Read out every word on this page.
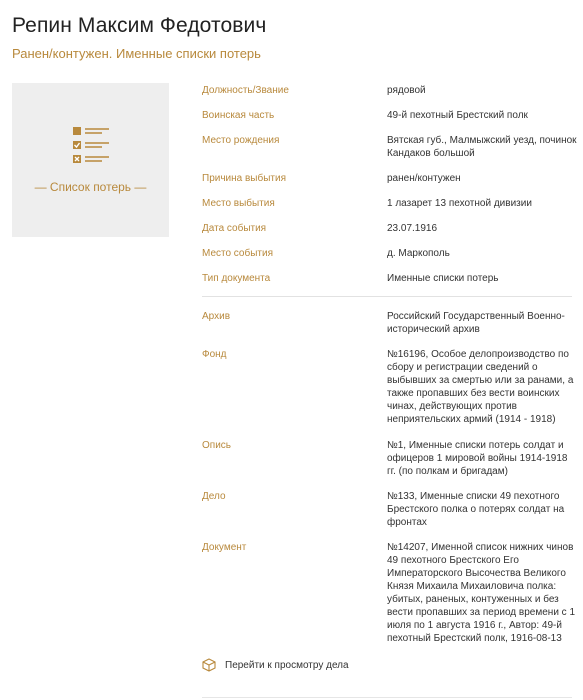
Репин Максим Федотович
Ранен/контужен. Именные списки потерь
— Список потерь —
Должность/Звание	рядовой
Воинская часть	49-й пехотный Брестский полк
Место рождения	Вятская губ., Малмыжский уезд, починок Кандаков большой
Причина выбытия	ранен/контужен
Место выбытия	1 лазарет 13 пехотной дивизии
Дата события	23.07.1916
Место события	д. Маркополь
Тип документа	Именные списки потерь
Архив	Российский Государственный Военно-исторический архив
Фонд	№16196, Особое делопроизводство по сбору и регистрации сведений о выбывших за смертью или за ранами, а также пропавших без вести воинских чинах, действующих против неприятельских армий (1914 - 1918)
Опись	№1, Именные списки потерь солдат и офицеров 1 мировой войны 1914-1918 гг. (по полкам и бригадам)
Дело	№133, Именные списки 49 пехотного Брестского полка о потерях солдат на фронтах
Документ	№14207, Именной список нижних чинов 49 пехотного Брестского Его Императорского Высочества Великого Князя Михаила Михаиловича полка: убитых, раненых, контуженных и без вести пропавших за период времени с 1 июля по 1 августа 1916 г., Автор: 49-й пехотный Брестский полк, 1916-08-13
Перейти к просмотру дела
